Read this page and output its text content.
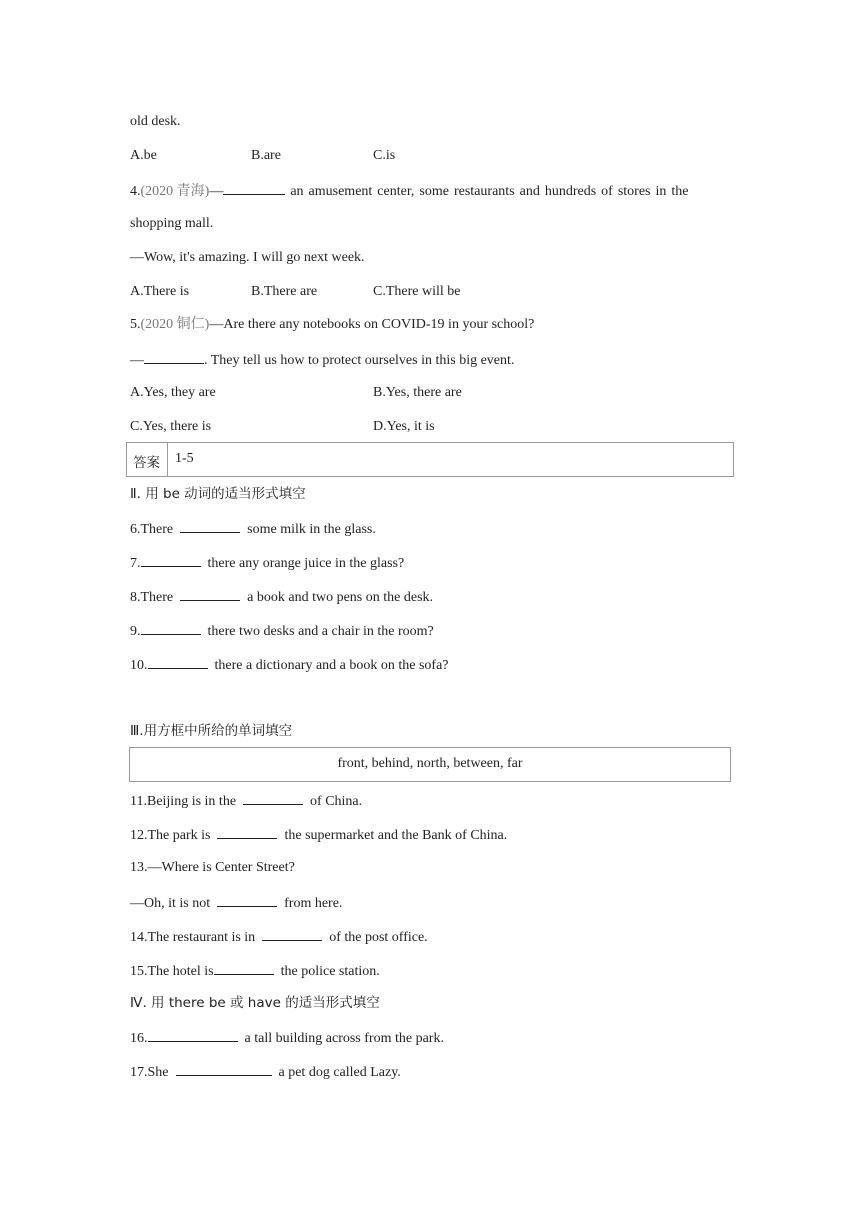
old desk.
A.be	B.are	C.is
4.(2020 青海)—	an amusement center, some restaurants and hundreds of stores in the
shopping mall.
—Wow, it's amazing. I will go next week.
A.There is	B.There are	C.There will be
5.(2020 铜仁)—Are there any notebooks on COVID-19 in your school?
—	. They tell us how to protect ourselves in this big event.
A.Yes, they are	B.Yes, there are
C.Yes, there is	D.Yes, it is
答案 1-5
Ⅱ. 用 be 动词的适当形式填空
6.There	some milk in the glass.
7.	there any orange juice in the glass?
8.There	a book and two pens on the desk.
9.	there two desks and a chair in the room?
10.	there a dictionary and a book on the sofa?
Ⅲ.用方框中所给的单词填空
front, behind, north, between, far
11.Beijing is in the	of China.
12.The park is	the supermarket and the Bank of China.
13.—Where is Center Street?
—Oh, it is not	from here.
14.The restaurant is in	of the post office.
15.The hotel is	the police station.
Ⅳ. 用 there be 或 have 的适当形式填空
16.	a tall building across from the park.
17.She	a pet dog called Lazy.
